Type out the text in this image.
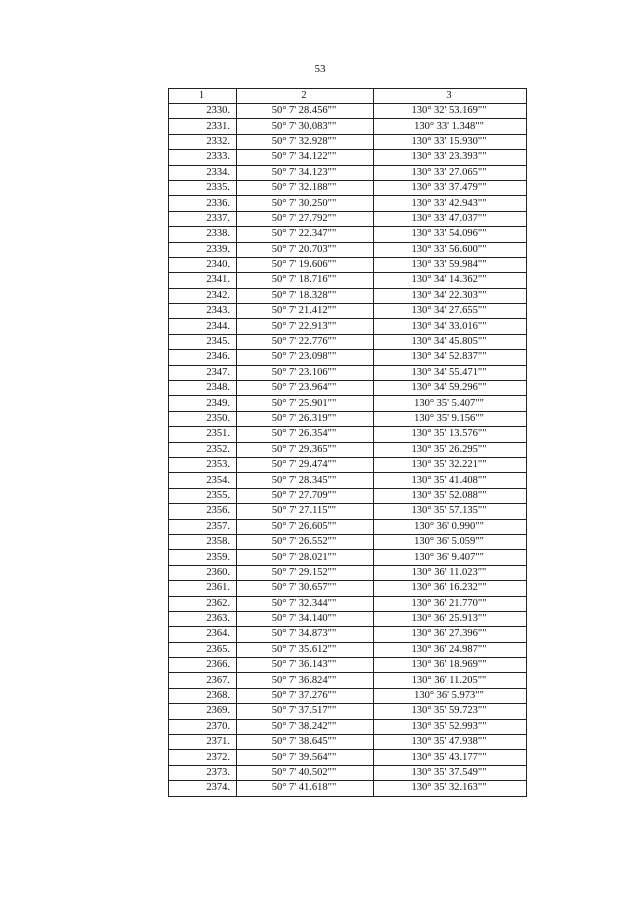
53
1	2	3
2330.	50° 7' 28.456""	130° 32' 53.169""
2331.	50° 7' 30.083""	130° 33' 1.348""
2332.	50° 7' 32.928""	130° 33' 15.930""
2333.	50° 7' 34.122""	130° 33' 23.393""
2334.	50° 7' 34.123""	130° 33' 27.065""
2335.	50° 7' 32.188""	130° 33' 37.479""
2336.	50° 7' 30.250""	130° 33' 42.943""
2337.	50° 7' 27.792""	130° 33' 47.037""
2338.	50° 7' 22.347""	130° 33' 54.096""
2339.	50° 7' 20.703""	130° 33' 56.600""
2340.	50° 7' 19.606""	130° 33' 59.984""
2341.	50° 7' 18.716""	130° 34' 14.362""
2342.	50° 7' 18.328""	130° 34' 22.303""
2343.	50° 7' 21.412""	130° 34' 27.655""
2344.	50° 7' 22.913""	130° 34' 33.016""
2345.	50° 7' 22.776""	130° 34' 45.805""
2346.	50° 7' 23.098""	130° 34' 52.837""
2347.	50° 7' 23.106""	130° 34' 55.471""
2348.	50° 7' 23.964""	130° 34' 59.296""
2349.	50° 7' 25.901""	130° 35' 5.407""
2350.	50° 7' 26.319""	130° 35' 9.156""
2351.	50° 7' 26.354""	130° 35' 13.576""
2352.	50° 7' 29.365""	130° 35' 26.295""
2353.	50° 7' 29.474""	130° 35' 32.221""
2354.	50° 7' 28.345""	130° 35' 41.408""
2355.	50° 7' 27.709""	130° 35' 52.088""
2356.	50° 7' 27.115""	130° 35' 57.135""
2357.	50° 7' 26.605""	130° 36' 0.990""
2358.	50° 7' 26.552""	130° 36' 5.059""
2359.	50° 7' 28.021""	130° 36' 9.407""
2360.	50° 7' 29.152""	130° 36' 11.023""
2361.	50° 7' 30.657""	130° 36' 16.232""
2362.	50° 7' 32.344""	130° 36' 21.770""
2363.	50° 7' 34.140""	130° 36' 25.913""
2364.	50° 7' 34.873""	130° 36' 27.396""
2365.	50° 7' 35.612""	130° 36' 24.987""
2366.	50° 7' 36.143""	130° 36' 18.969""
2367.	50° 7' 36.824""	130° 36' 11.205""
2368.	50° 7' 37.276""	130° 36' 5.973""
2369.	50° 7' 37.517""	130° 35' 59.723""
2370.	50° 7' 38.242""	130° 35' 52.993""
2371.	50° 7' 38.645""	130° 35' 47.938""
2372.	50° 7' 39.564""	130° 35' 43.177""
2373.	50° 7' 40.502""	130° 35' 37.549""
2374.	50° 7' 41.618""	130° 35' 32.163""
